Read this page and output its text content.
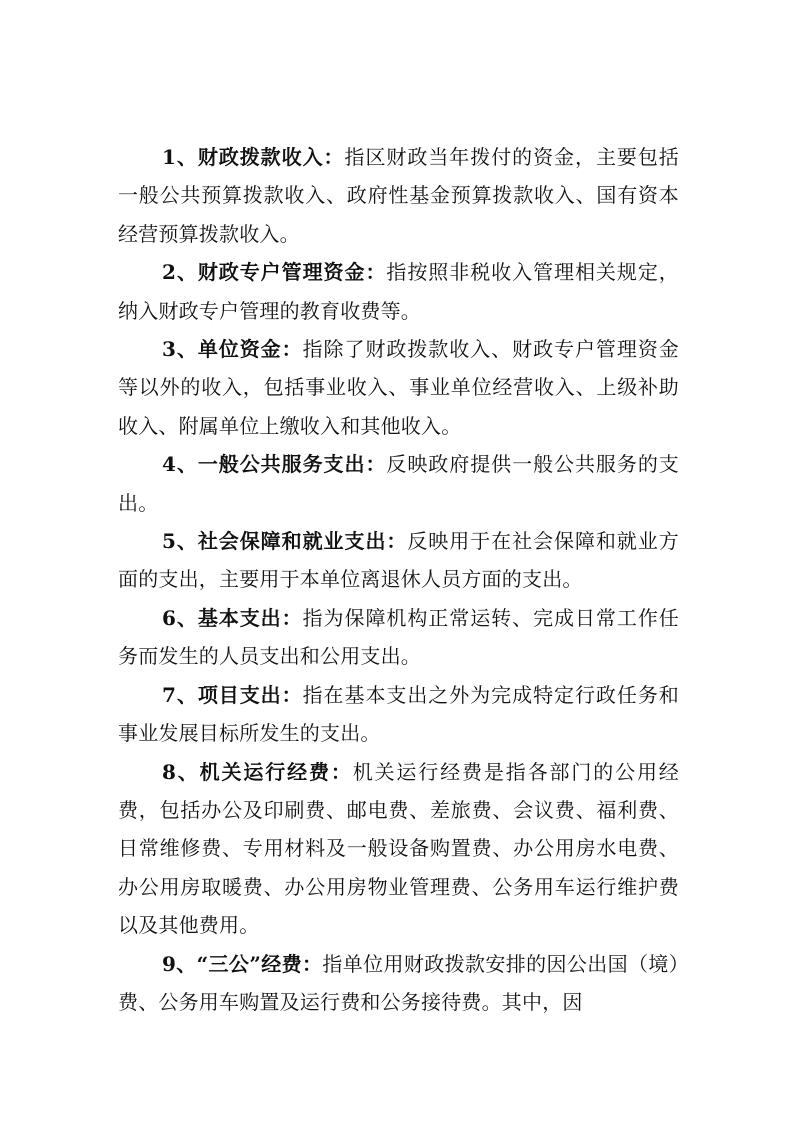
1、财政拨款收入：指区财政当年拨付的资金，主要包括一般公共预算拨款收入、政府性基金预算拨款收入、国有资本经营预算拨款收入。

2、财政专户管理资金：指按照非税收入管理相关规定，纳入财政专户管理的教育收费等。

3、单位资金：指除了财政拨款收入、财政专户管理资金等以外的收入，包括事业收入、事业单位经营收入、上级补助收入、附属单位上缴收入和其他收入。

4、一般公共服务支出：反映政府提供一般公共服务的支出。

5、社会保障和就业支出：反映用于在社会保障和就业方面的支出，主要用于本单位离退休人员方面的支出。

6、基本支出：指为保障机构正常运转、完成日常工作任务而发生的人员支出和公用支出。

7、项目支出：指在基本支出之外为完成特定行政任务和事业发展目标所发生的支出。

8、机关运行经费：机关运行经费是指各部门的公用经费，包括办公及印刷费、邮电费、差旅费、会议费、福利费、日常维修费、专用材料及一般设备购置费、办公用房水电费、办公用房取暖费、办公用房物业管理费、公务用车运行维护费以及其他费用。

9、“三公”经费：指单位用财政拨款安排的因公出国（境）费、公务用车购置及运行费和公务接待费。其中，因
